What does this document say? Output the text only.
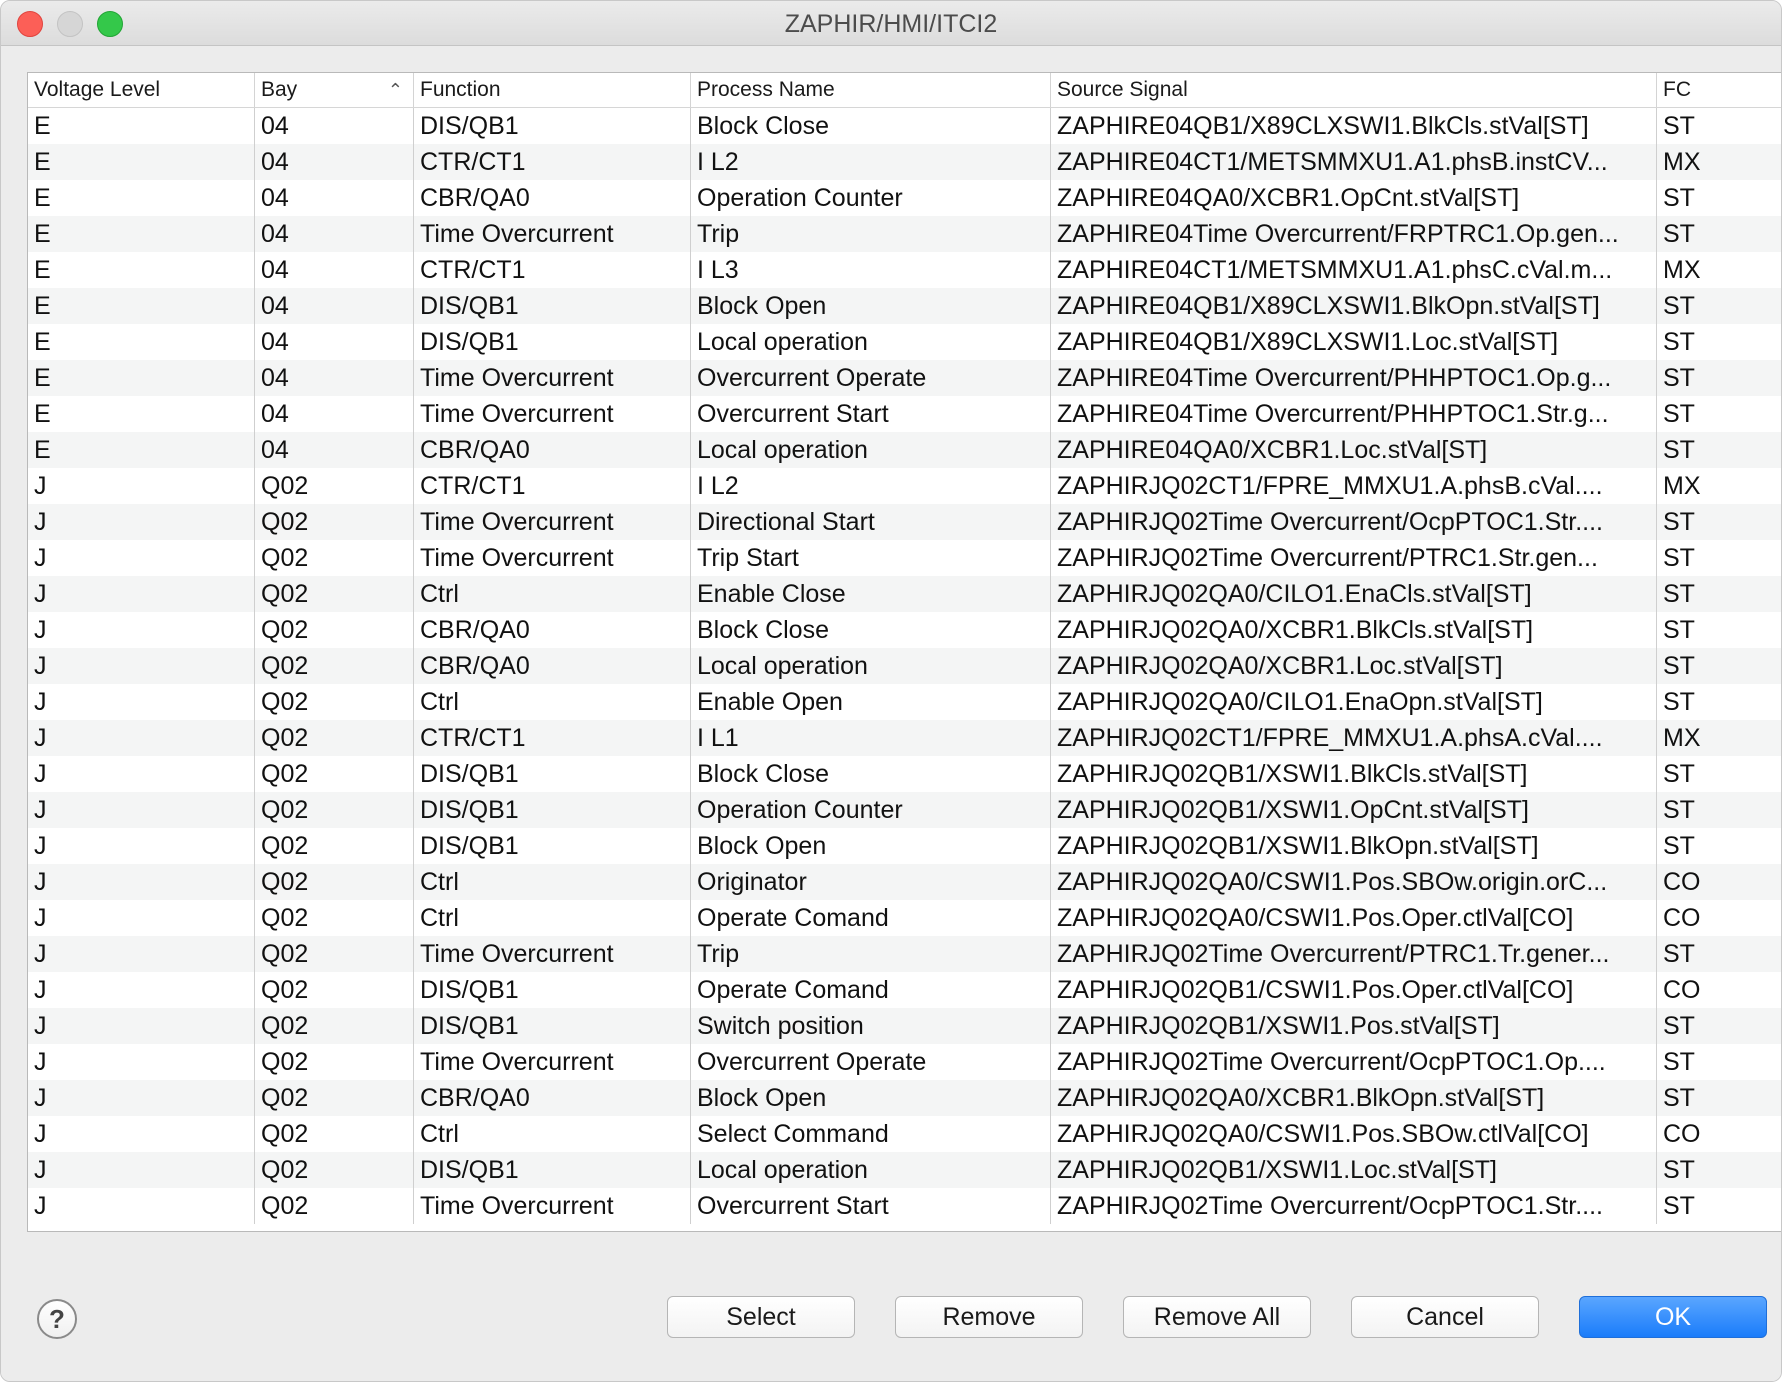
ZAPHIR/HMI/ITCI2
Voltage Level	Bay	⌃ Function	Process Name	Source Signal	FC
E	04	DIS/QB1	Block Close	ZAPHIRE04QB1/X89CLXSWI1.BlkCls.stVal[ST]	ST
E	04	CTR/CT1	I L2	ZAPHIRE04CT1/METSMMXU1.A1.phsB.instCV...	MX
E	04	CBR/QA0	Operation Counter	ZAPHIRE04QA0/XCBR1.OpCnt.stVal[ST]	ST
E	04	Time Overcurrent	Trip	ZAPHIRE04Time Overcurrent/FRPTRC1.Op.gen...	ST
E	04	CTR/CT1	I L3	ZAPHIRE04CT1/METSMMXU1.A1.phsC.cVal.m...	MX
E	04	DIS/QB1	Block Open	ZAPHIRE04QB1/X89CLXSWI1.BlkOpn.stVal[ST]	ST
E	04	DIS/QB1	Local operation	ZAPHIRE04QB1/X89CLXSWI1.Loc.stVal[ST]	ST
E	04	Time Overcurrent	Overcurrent Operate	ZAPHIRE04Time Overcurrent/PHHPTOC1.Op.g...	ST
E	04	Time Overcurrent	Overcurrent Start	ZAPHIRE04Time Overcurrent/PHHPTOC1.Str.g...	ST
E	04	CBR/QA0	Local operation	ZAPHIRE04QA0/XCBR1.Loc.stVal[ST]	ST
J	Q02	CTR/CT1	I L2	ZAPHIRJQ02CT1/FPRE_MMXU1.A.phsB.cVal....	MX
J	Q02	Time Overcurrent	Directional Start	ZAPHIRJQ02Time Overcurrent/OcpPTOC1.Str....	ST
J	Q02	Time Overcurrent	Trip Start	ZAPHIRJQ02Time Overcurrent/PTRC1.Str.gen...	ST
J	Q02	Ctrl	Enable Close	ZAPHIRJQ02QA0/CILO1.EnaCls.stVal[ST]	ST
J	Q02	CBR/QA0	Block Close	ZAPHIRJQ02QA0/XCBR1.BlkCls.stVal[ST]	ST
J	Q02	CBR/QA0	Local operation	ZAPHIRJQ02QA0/XCBR1.Loc.stVal[ST]	ST
J	Q02	Ctrl	Enable Open	ZAPHIRJQ02QA0/CILO1.EnaOpn.stVal[ST]	ST
J	Q02	CTR/CT1	I L1	ZAPHIRJQ02CT1/FPRE_MMXU1.A.phsA.cVal....	MX
J	Q02	DIS/QB1	Block Close	ZAPHIRJQ02QB1/XSWI1.BlkCls.stVal[ST]	ST
J	Q02	DIS/QB1	Operation Counter	ZAPHIRJQ02QB1/XSWI1.OpCnt.stVal[ST]	ST
J	Q02	DIS/QB1	Block Open	ZAPHIRJQ02QB1/XSWI1.BlkOpn.stVal[ST]	ST
J	Q02	Ctrl	Originator	ZAPHIRJQ02QA0/CSWI1.Pos.SBOw.origin.orC...	CO
J	Q02	Ctrl	Operate Comand	ZAPHIRJQ02QA0/CSWI1.Pos.Oper.ctlVal[CO]	CO
J	Q02	Time Overcurrent	Trip	ZAPHIRJQ02Time Overcurrent/PTRC1.Tr.gener...	ST
J	Q02	DIS/QB1	Operate Comand	ZAPHIRJQ02QB1/CSWI1.Pos.Oper.ctlVal[CO]	CO
J	Q02	DIS/QB1	Switch position	ZAPHIRJQ02QB1/XSWI1.Pos.stVal[ST]	ST
J	Q02	Time Overcurrent	Overcurrent Operate	ZAPHIRJQ02Time Overcurrent/OcpPTOC1.Op....	ST
J	Q02	CBR/QA0	Block Open	ZAPHIRJQ02QA0/XCBR1.BlkOpn.stVal[ST]	ST
J	Q02	Ctrl	Select Command	ZAPHIRJQ02QA0/CSWI1.Pos.SBOw.ctlVal[CO]	CO
J	Q02	DIS/QB1	Local operation	ZAPHIRJQ02QB1/XSWI1.Loc.stVal[ST]	ST
J	Q02	Time Overcurrent	Overcurrent Start	ZAPHIRJQ02Time Overcurrent/OcpPTOC1.Str....	ST
?	Select	Remove	Remove All	Cancel	OK
